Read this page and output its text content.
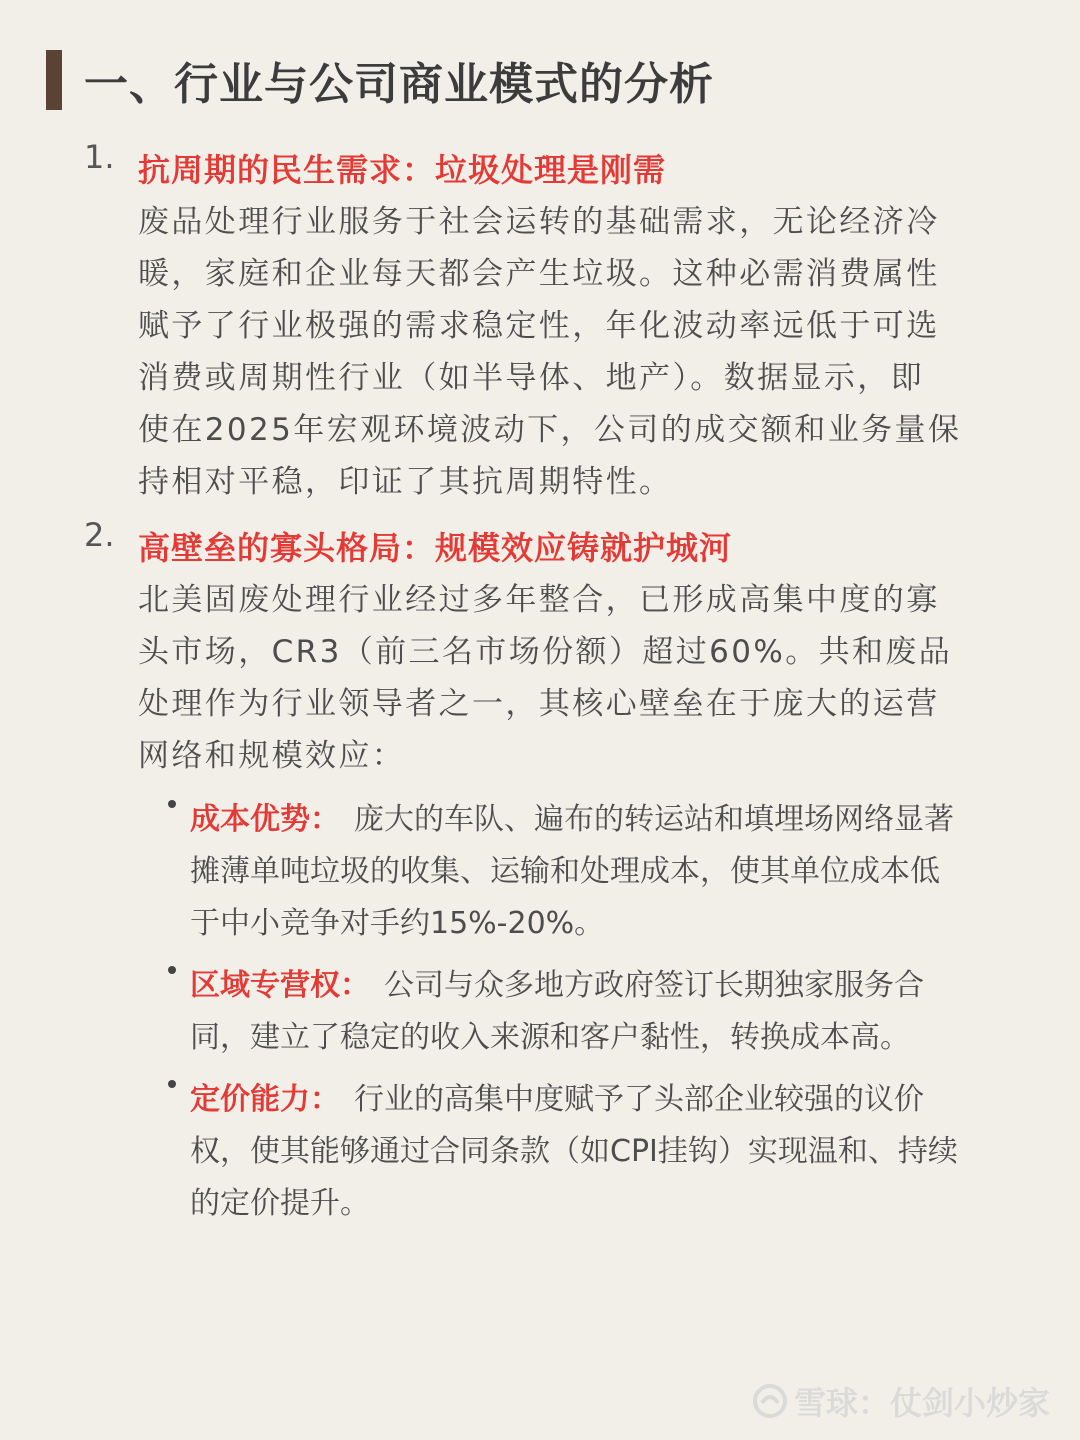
一、行业与公司商业模式的分析
1. 抗周期的民生需求：垃圾处理是刚需
废品处理行业服务于社会运转的基础需求，无论经济冷
暖，家庭和企业每天都会产生垃圾。这种必需消费属性
赋予了行业极强的需求稳定性，年化波动率远低于可选
消费或周期性行业（如半导体、地产）。数据显示，即
使在2025年宏观环境波动下，公司的成交额和业务量保
持相对平稳，印证了其抗周期特性。
2. 高壁垒的寡头格局：规模效应铸就护城河
北美固废处理行业经过多年整合，已形成高集中度的寡
头市场，CR3（前三名市场份额）超过60%。共和废品
处理作为行业领导者之一，其核心壁垒在于庞大的运营
网络和规模效应：
成本优势： 庞大的车队、遍布的转运站和填埋场网络显著
摊薄单吨垃圾的收集、运输和处理成本，使其单位成本低
于中小竞争对手约15%-20%。
区域专营权： 公司与众多地方政府签订长期独家服务合
同，建立了稳定的收入来源和客户黏性，转换成本高。
定价能力： 行业的高集中度赋予了头部企业较强的议价
权，使其能够通过合同条款（如CPI挂钩）实现温和、持续
的定价提升。
雪球：仗剑小炒家
